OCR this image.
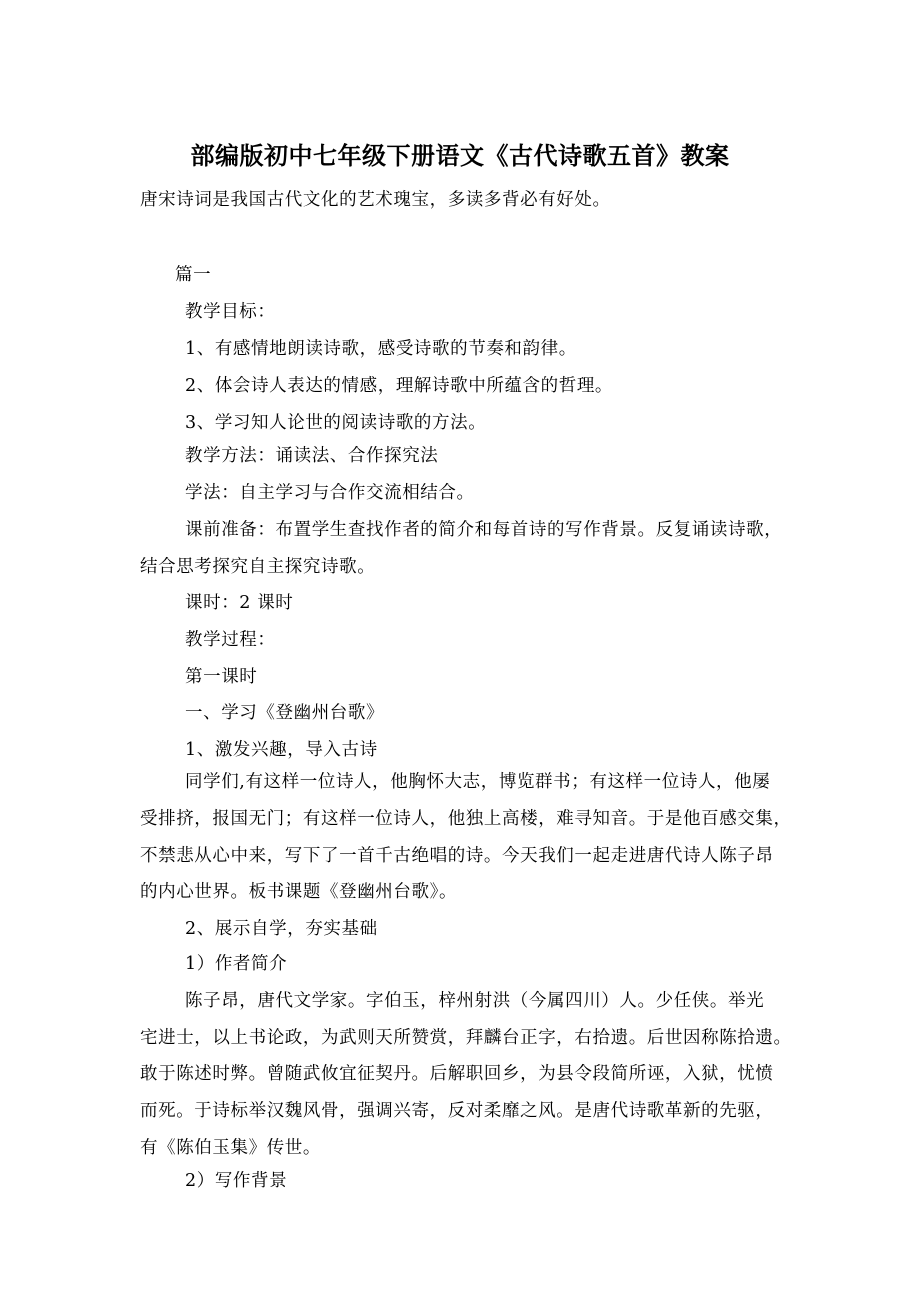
部编版初中七年级下册语文《古代诗歌五首》教案
唐宋诗词是我国古代文化的艺术瑰宝，多读多背必有好处。
篇一
教学目标：
1、有感情地朗读诗歌，感受诗歌的节奏和韵律。
2、体会诗人表达的情感，理解诗歌中所蕴含的哲理。
3、学习知人论世的阅读诗歌的方法。
教学方法：诵读法、合作探究法
学法：自主学习与合作交流相结合。
课前准备：布置学生查找作者的简介和每首诗的写作背景。反复诵读诗歌，
结合思考探究自主探究诗歌。
课时：2 课时
教学过程：
第一课时
一、学习《登幽州台歌》
1、激发兴趣，导入古诗
同学们,有这样一位诗人，他胸怀大志，博览群书；有这样一位诗人，他屡
受排挤，报国无门；有这样一位诗人，他独上高楼，难寻知音。于是他百感交集，
不禁悲从心中来，写下了一首千古绝唱的诗。今天我们一起走进唐代诗人陈子昂
的内心世界。板书课题《登幽州台歌》。
2、展示自学，夯实基础
1）作者简介
陈子昂，唐代文学家。字伯玉，梓州射洪（今属四川）人。少任侠。举光
宅进士，以上书论政，为武则天所赞赏，拜麟台正字，右拾遗。后世因称陈拾遗。
敢于陈述时弊。曾随武攸宜征契丹。后解职回乡，为县令段简所诬，入狱，忧愤
而死。于诗标举汉魏风骨，强调兴寄，反对柔靡之风。是唐代诗歌革新的先驱，
有《陈伯玉集》传世。
2）写作背景
